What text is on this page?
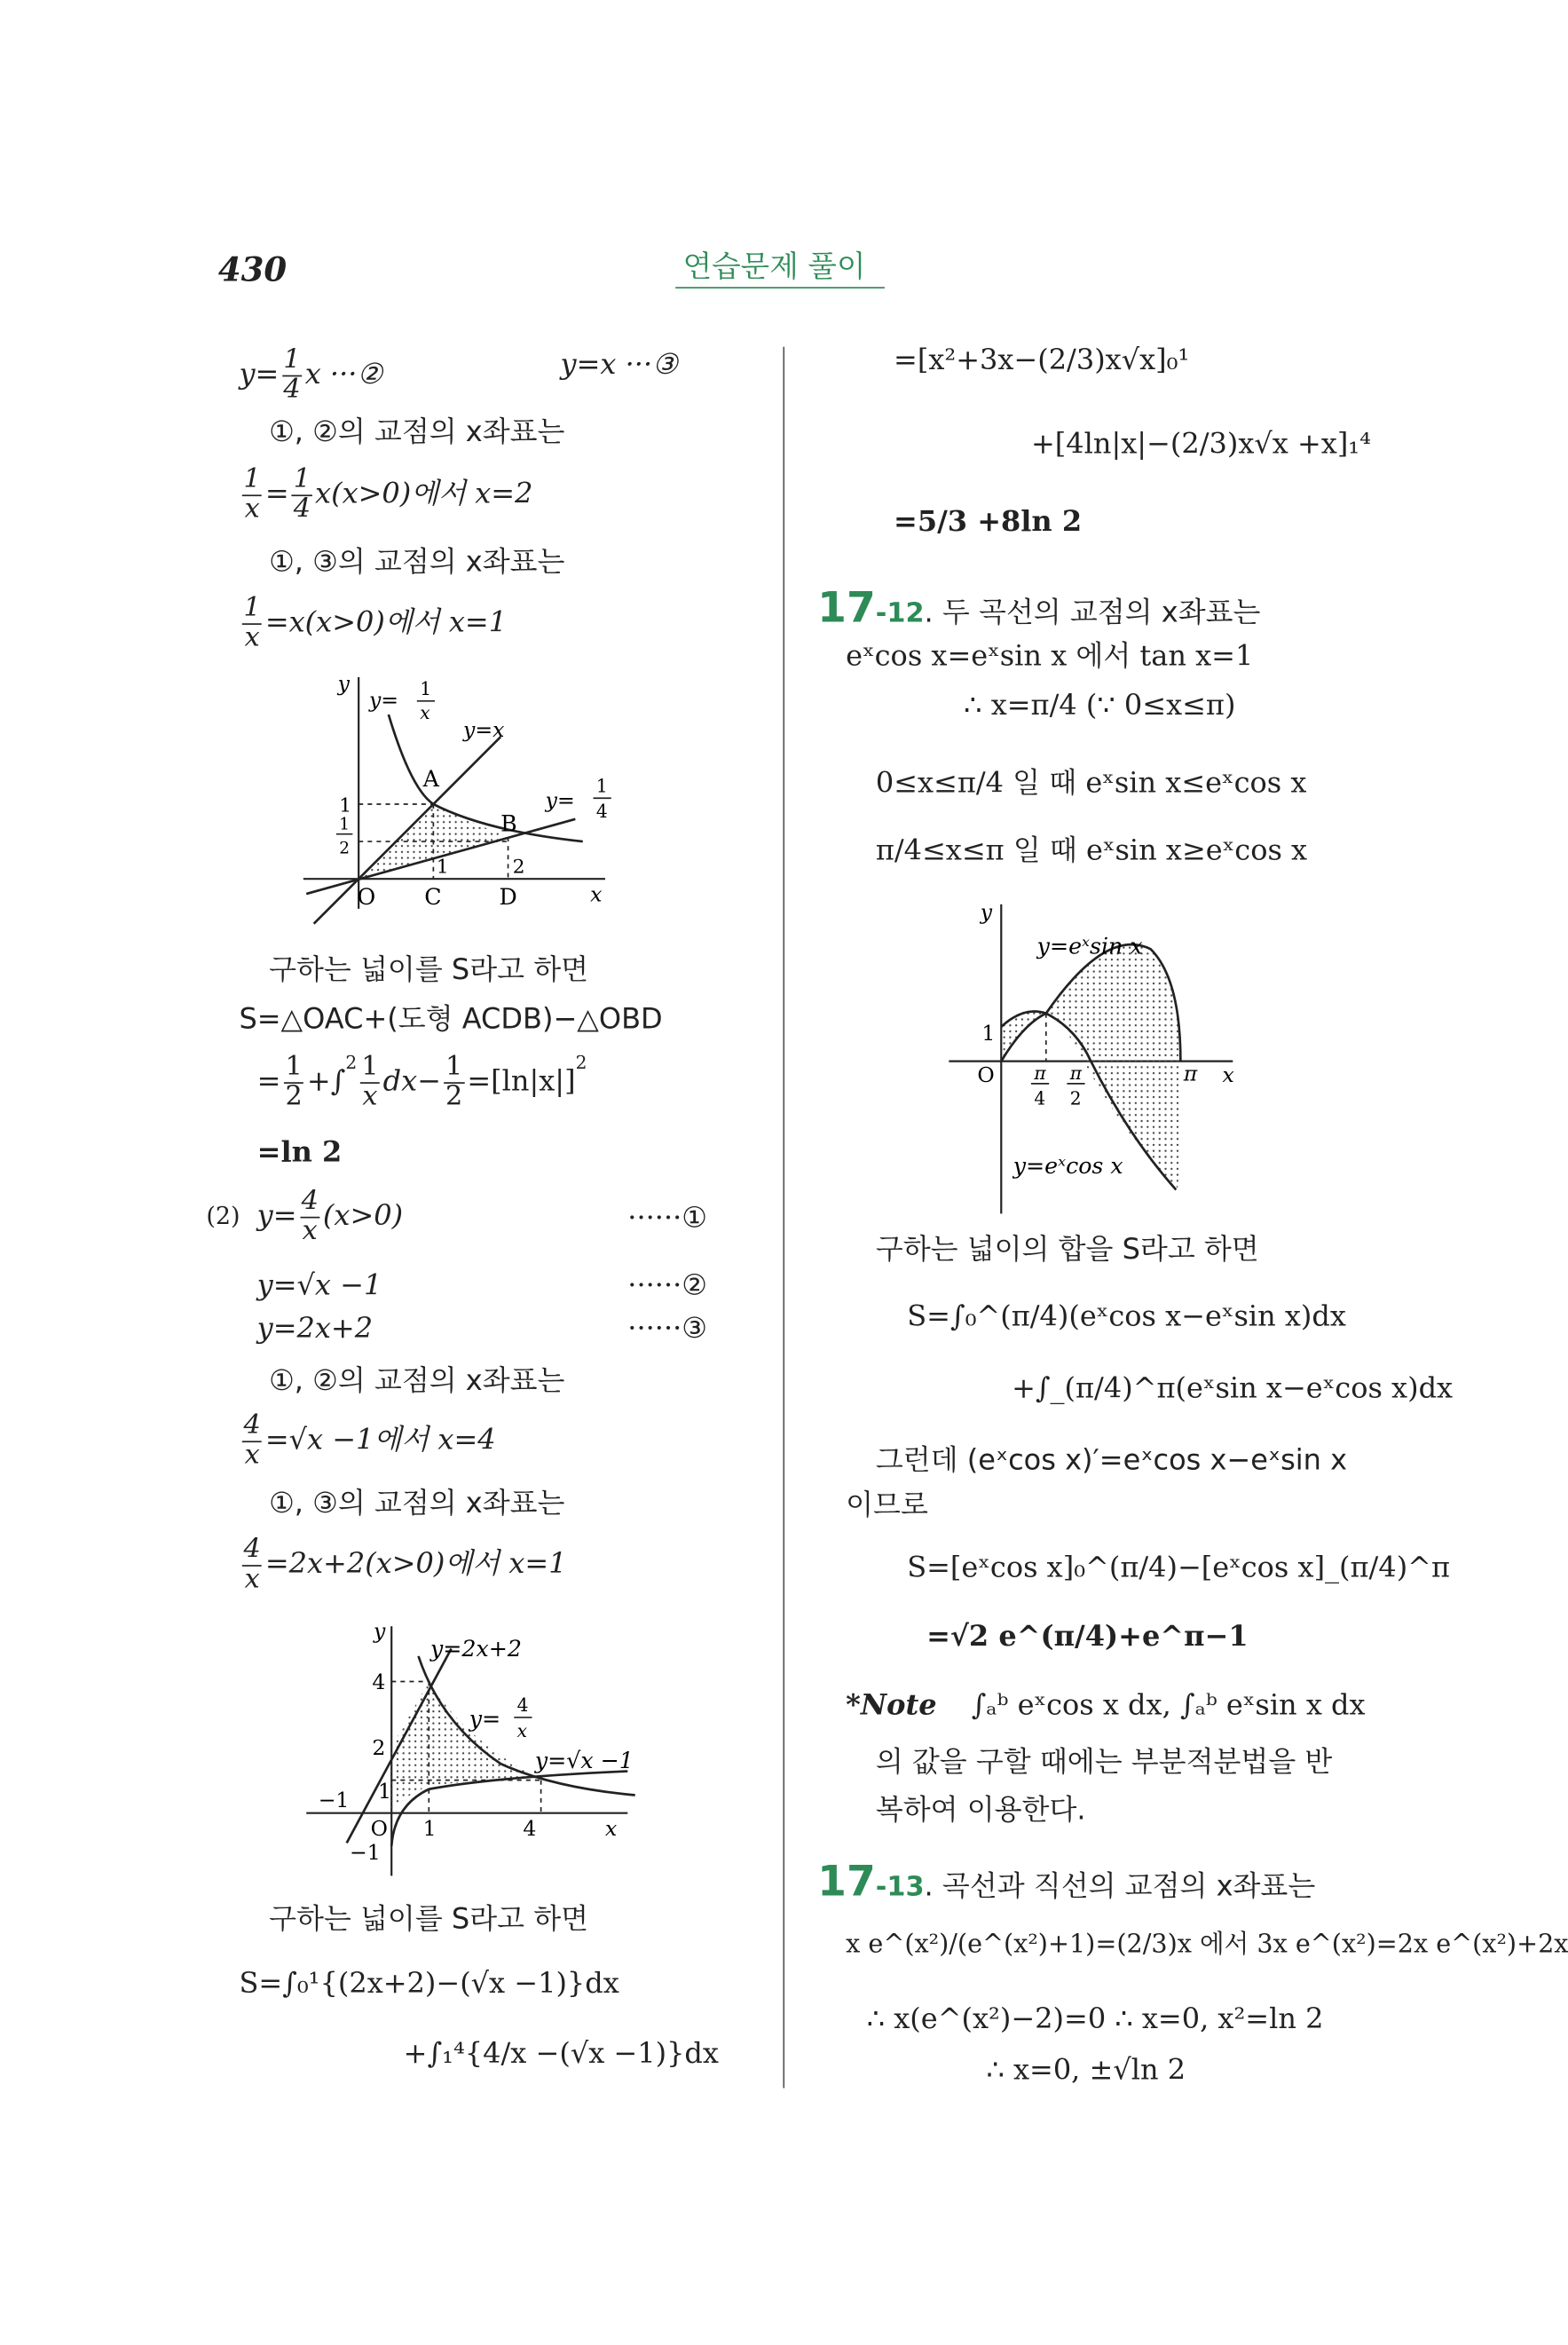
430	연습문제 풀이
$y= \frac{1}{4}$ x ···②	y=x ···③
①, ②의 교점의 x좌표는
$\frac{1}{x} = \frac{1}{4} x(x>0)$에서 x=2
①, ③의 교점의 x좌표는
$\frac{1}{x} =x(x>0)$에서 x=1
y
x
A
B
O	C	D
1	2
1
1
2
y= 1
x
y=x
y=
1
4
구하는 넓이를 S라고 하면
S=△OAC+(도형 ACDB)−△OBD
= $\frac{1}{2} +\int^2 \frac{1}{x} dx- \frac{1}{2} =[\ln|x|]^2$
=ln 2
(2) $y= \frac{4}{x} (x>0)$	······①
y=√x −1	······②
y=2x+2	······③
①, ②의 교점의 x좌표는
$\frac{4}{x} =√x -1$에서 x=4
①, ③의 교점의 x좌표는
$\frac{4}{x} =2x+2(x>0)$에서 x=1
y
x
y=2x+2
y=
4
x
y=√x −1
4
2
1
−1
O	1	4
−1
구하는 넓이를 S라고 하면
S=∫₀¹{(2x+2)−(√x −1)}dx
+∫₁⁴{4/x −(√x −1)}dx
=[x²+3x−(2/3)x√x]₀¹
+[4ln|x|−(2/3)x√x +x]₁⁴
=5/3 +8ln 2
17-12. 두 곡선의 교점의 x좌표는
eˣcos x=eˣsin x 에서 tan x=1
∴ x=π/4 (∵ 0≤x≤π)
0≤x≤π/4 일 때 eˣsin x≤eˣcos x
π/4≤x≤π 일 때 eˣsin x≥eˣcos x
y
x
y=eˣsin x
y=eˣcos x
1
O	π
4
π
2
π
구하는 넓이의 합을 S라고 하면
S=∫₀^(π/4)(eˣcos x−eˣsin x)dx
+∫_(π/4)^π(eˣsin x−eˣcos x)dx
그런데 (eˣcos x)′=eˣcos x−eˣsin x
이므로
S=[eˣcos x]₀^(π/4)−[eˣcos x]_(π/4)^π
=√2 e^(π/4)+e^π−1
*Note ∫ₐᵇ eˣcos x dx, ∫ₐᵇ eˣsin x dx
의 값을 구할 때에는 부분적분법을 반
복하여 이용한다.
17-13. 곡선과 직선의 교점의 x좌표는
x e^(x²)/(e^(x²)+1)=(2/3)x 에서 3x e^(x²)=2x e^(x²)+2x
∴ x(e^(x²)−2)=0 ∴ x=0, x²=ln 2
∴ x=0, ±√ln 2
